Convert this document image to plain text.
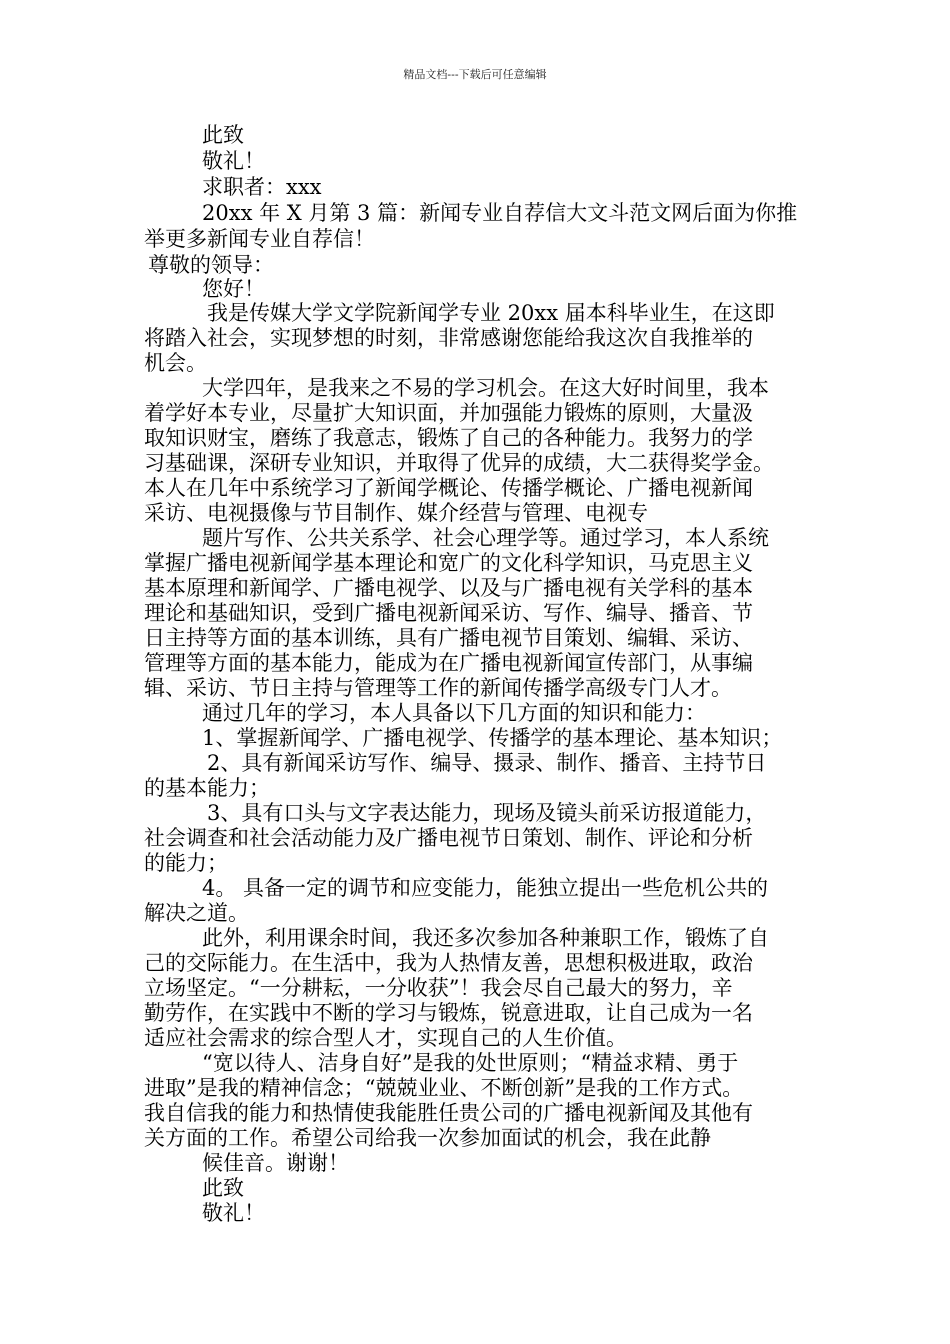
精品文档---下载后可任意编辑
此致
敬礼！
求职者：xxx
20xx 年 X 月第 3 篇：新闻专业自荐信大文斗范文网后面为你推
举更多新闻专业自荐信！
尊敬的领导：
您好！
我是传媒大学文学院新闻学专业 20xx 届本科毕业生，在这即
将踏入社会，实现梦想的时刻，非常感谢您能给我这次自我推举的
机会。
大学四年，是我来之不易的学习机会。在这大好时间里，我本
着学好本专业，尽量扩大知识面，并加强能力锻炼的原则，大量汲
取知识财宝，磨练了我意志，锻炼了自己的各种能力。我努力的学
习基础课，深研专业知识，并取得了优异的成绩，大二获得奖学金。
本人在几年中系统学习了新闻学概论、传播学概论、广播电视新闻
采访、电视摄像与节目制作、媒介经营与管理、电视专
题片写作、公共关系学、社会心理学等。通过学习，本人系统
掌握广播电视新闻学基本理论和宽广的文化科学知识，马克思主义
基本原理和新闻学、广播电视学、以及与广播电视有关学科的基本
理论和基础知识，受到广播电视新闻采访、写作、编导、播音、节
日主持等方面的基本训练，具有广播电视节目策划、编辑、采访、
管理等方面的基本能力，能成为在广播电视新闻宣传部门，从事编
辑、采访、节日主持与管理等工作的新闻传播学高级专门人才。
通过几年的学习，本人具备以下几方面的知识和能力：
1、掌握新闻学、广播电视学、传播学的基本理论、基本知识；
2、具有新闻采访写作、编导、摄录、制作、播音、主持节日
的基本能力；
3、具有口头与文字表达能力，现场及镜头前采访报道能力，
社会调查和社会活动能力及广播电视节日策划、制作、评论和分析
的能力；
4。 具备一定的调节和应变能力，能独立提出一些危机公共的
解决之道。
此外，利用课余时间，我还多次参加各种兼职工作，锻炼了自
己的交际能力。在生活中，我为人热情友善，思想积极进取，政治
立场坚定。“一分耕耘，一分收获”！我会尽自己最大的努力，辛
勤劳作，在实践中不断的学习与锻炼，锐意进取，让自己成为一名
适应社会需求的综合型人才，实现自己的人生价值。
“宽以待人、洁身自好”是我的处世原则；“精益求精、勇于
进取”是我的精神信念；“兢兢业业、不断创新”是我的工作方式。
我自信我的能力和热情使我能胜任贵公司的广播电视新闻及其他有
关方面的工作。希望公司给我一次参加面试的机会，我在此静
候佳音。谢谢！
此致
敬礼！
